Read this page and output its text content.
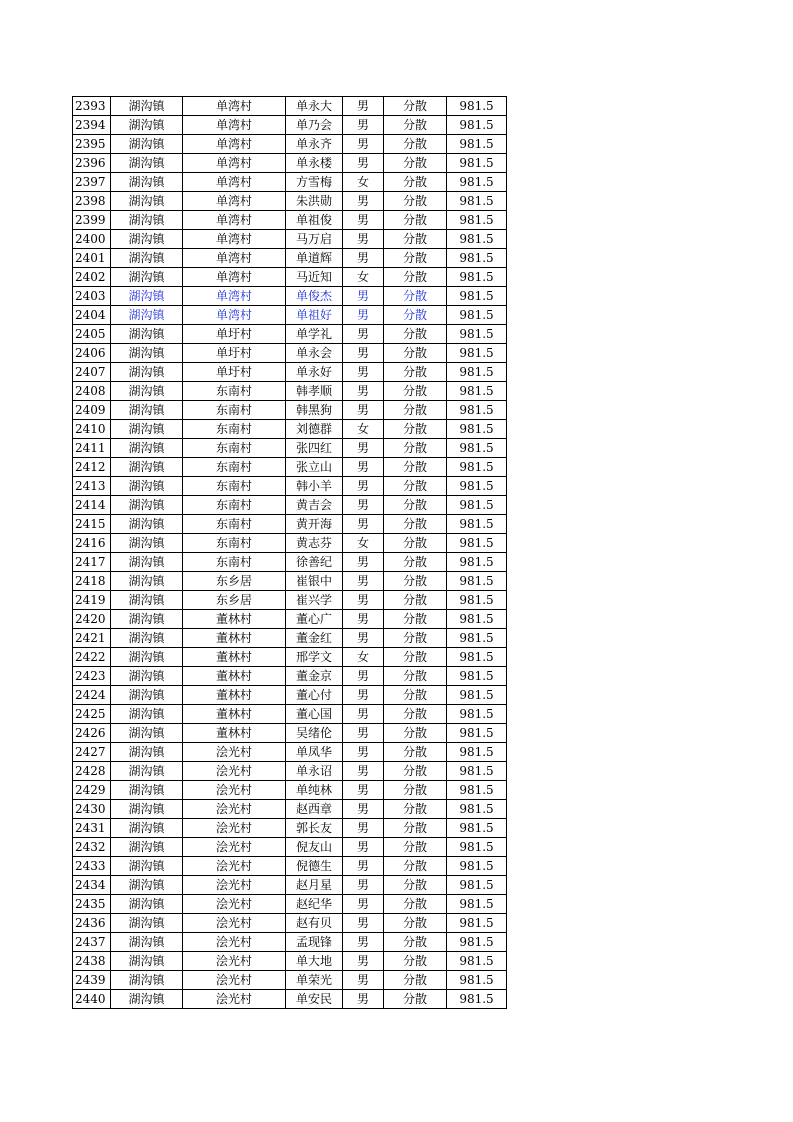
2393	湖沟镇	单湾村	单永大	男	分散	981.5
2394	湖沟镇	单湾村	单乃会	男	分散	981.5
2395	湖沟镇	单湾村	单永齐	男	分散	981.5
2396	湖沟镇	单湾村	单永楼	男	分散	981.5
2397	湖沟镇	单湾村	方雪梅	女	分散	981.5
2398	湖沟镇	单湾村	朱洪勋	男	分散	981.5
2399	湖沟镇	单湾村	单祖俊	男	分散	981.5
2400	湖沟镇	单湾村	马万启	男	分散	981.5
2401	湖沟镇	单湾村	单道辉	男	分散	981.5
2402	湖沟镇	单湾村	马近知	女	分散	981.5
2403	湖沟镇	单湾村	单俊杰	男	分散	981.5
2404	湖沟镇	单湾村	单祖好	男	分散	981.5
2405	湖沟镇	单圩村	单学礼	男	分散	981.5
2406	湖沟镇	单圩村	单永会	男	分散	981.5
2407	湖沟镇	单圩村	单永好	男	分散	981.5
2408	湖沟镇	东南村	韩孝顺	男	分散	981.5
2409	湖沟镇	东南村	韩黑狗	男	分散	981.5
2410	湖沟镇	东南村	刘德群	女	分散	981.5
2411	湖沟镇	东南村	张四红	男	分散	981.5
2412	湖沟镇	东南村	张立山	男	分散	981.5
2413	湖沟镇	东南村	韩小羊	男	分散	981.5
2414	湖沟镇	东南村	黄吉会	男	分散	981.5
2415	湖沟镇	东南村	黄开海	男	分散	981.5
2416	湖沟镇	东南村	黄志芬	女	分散	981.5
2417	湖沟镇	东南村	徐善纪	男	分散	981.5
2418	湖沟镇	东乡居	崔银中	男	分散	981.5
2419	湖沟镇	东乡居	崔兴学	男	分散	981.5
2420	湖沟镇	董林村	董心广	男	分散	981.5
2421	湖沟镇	董林村	董金红	男	分散	981.5
2422	湖沟镇	董林村	邢学文	女	分散	981.5
2423	湖沟镇	董林村	董金京	男	分散	981.5
2424	湖沟镇	董林村	董心付	男	分散	981.5
2425	湖沟镇	董林村	董心国	男	分散	981.5
2426	湖沟镇	董林村	吴绪伦	男	分散	981.5
2427	湖沟镇	浍光村	单凤华	男	分散	981.5
2428	湖沟镇	浍光村	单永诏	男	分散	981.5
2429	湖沟镇	浍光村	单纯林	男	分散	981.5
2430	湖沟镇	浍光村	赵西章	男	分散	981.5
2431	湖沟镇	浍光村	郭长友	男	分散	981.5
2432	湖沟镇	浍光村	倪友山	男	分散	981.5
2433	湖沟镇	浍光村	倪德生	男	分散	981.5
2434	湖沟镇	浍光村	赵月星	男	分散	981.5
2435	湖沟镇	浍光村	赵纪华	男	分散	981.5
2436	湖沟镇	浍光村	赵有贝	男	分散	981.5
2437	湖沟镇	浍光村	孟现锋	男	分散	981.5
2438	湖沟镇	浍光村	单大地	男	分散	981.5
2439	湖沟镇	浍光村	单荣光	男	分散	981.5
2440	湖沟镇	浍光村	单安民	男	分散	981.5
